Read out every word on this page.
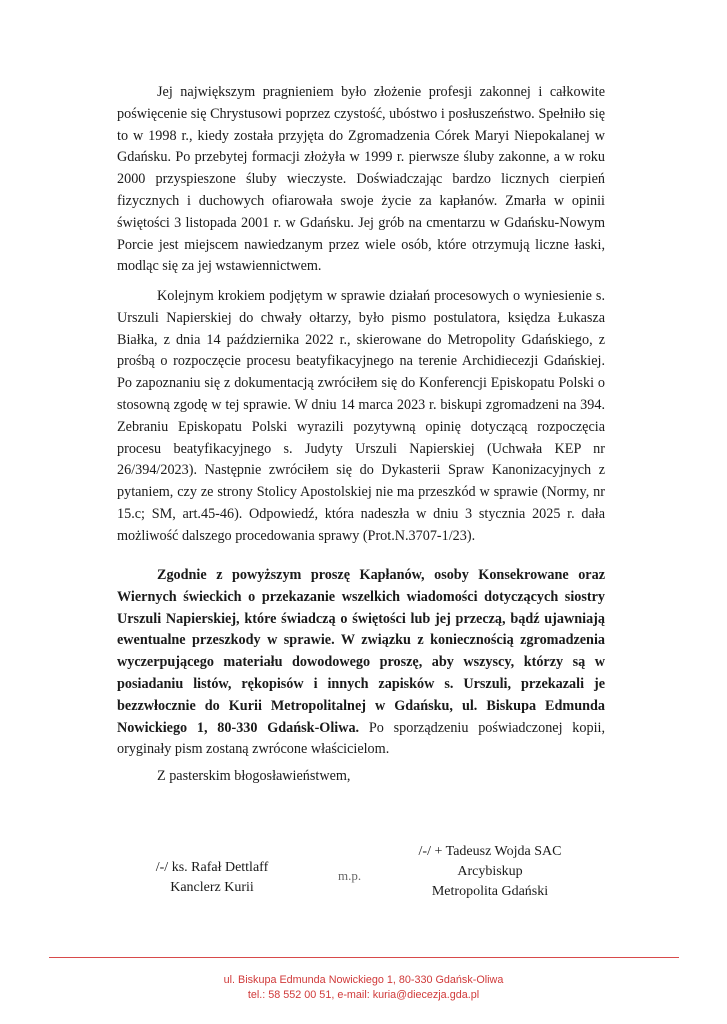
Jej największym pragnieniem było złożenie profesji zakonnej i całkowite poświęcenie się Chrystusowi poprzez czystość, ubóstwo i posłuszeństwo. Spełniło się to w 1998 r., kiedy została przyjęta do Zgromadzenia Córek Maryi Niepokalanej w Gdańsku. Po przebytej formacji złożyła w 1999 r. pierwsze śluby zakonne, a w roku 2000 przyspieszone śluby wieczyste. Doświadczając bardzo licznych cierpień fizycznych i duchowych ofiarowała swoje życie za kapłanów. Zmarła w opinii świętości 3 listopada 2001 r. w Gdańsku. Jej grób na cmentarzu w Gdańsku-Nowym Porcie jest miejscem nawiedzanym przez wiele osób, które otrzymują liczne łaski, modląc się za jej wstawiennictwem.

Kolejnym krokiem podjętym w sprawie działań procesowych o wyniesienie s. Urszuli Napierskiej do chwały ołtarzy, było pismo postulatora, księdza Łukasza Białka, z dnia 14 października 2022 r., skierowane do Metropolity Gdańskiego, z prośbą o rozpoczęcie procesu beatyfikacyjnego na terenie Archidiecezji Gdańskiej. Po zapoznaniu się z dokumentacją zwróciłem się do Konferencji Episkopatu Polski o stosowną zgodę w tej sprawie. W dniu 14 marca 2023 r. biskupi zgromadzeni na 394. Zebraniu Episkopatu Polski wyrazili pozytywną opinię dotyczącą rozpoczęcia procesu beatyfikacyjnego s. Judyty Urszuli Napierskiej (Uchwała KEP nr 26/394/2023). Następnie zwróciłem się do Dykasterii Spraw Kanonizacyjnych z pytaniem, czy ze strony Stolicy Apostolskiej nie ma przeszkód w sprawie (Normy, nr 15.c; SM, art.45-46). Odpowiedź, która nadeszła w dniu 3 stycznia 2025 r. dała możliwość dalszego procedowania sprawy (Prot.N.3707-1/23).

Zgodnie z powyższym proszę Kapłanów, osoby Konsekrowane oraz Wiernych świeckich o przekazanie wszelkich wiadomości dotyczących siostry Urszuli Napierskiej, które świadczą o świętości lub jej przeczą, bądź ujawniają ewentualne przeszkody w sprawie. W związku z koniecznością zgromadzenia wyczerpującego materiału dowodowego proszę, aby wszyscy, którzy są w posiadaniu listów, rękopisów i innych zapisków s. Urszuli, przekazali je bezzwłocznie do Kurii Metropolitalnej w Gdańsku, ul. Biskupa Edmunda Nowickiego 1, 80-330 Gdańsk-Oliwa. Po sporządzeniu poświadczonej kopii, oryginały pism zostaną zwrócone właścicielom.

Z pasterskim błogosławieństwem,

/-/ ks. Rafał Dettlaff
Kanclerz Kurii
m.p.
/-/ + Tadeusz Wojda SAC
Arcybiskup
Metropolita Gdański
ul. Biskupa Edmunda Nowickiego 1, 80-330 Gdańsk-Oliwa
tel.: 58 552 00 51, e-mail: kuria@diecezja.gda.pl
